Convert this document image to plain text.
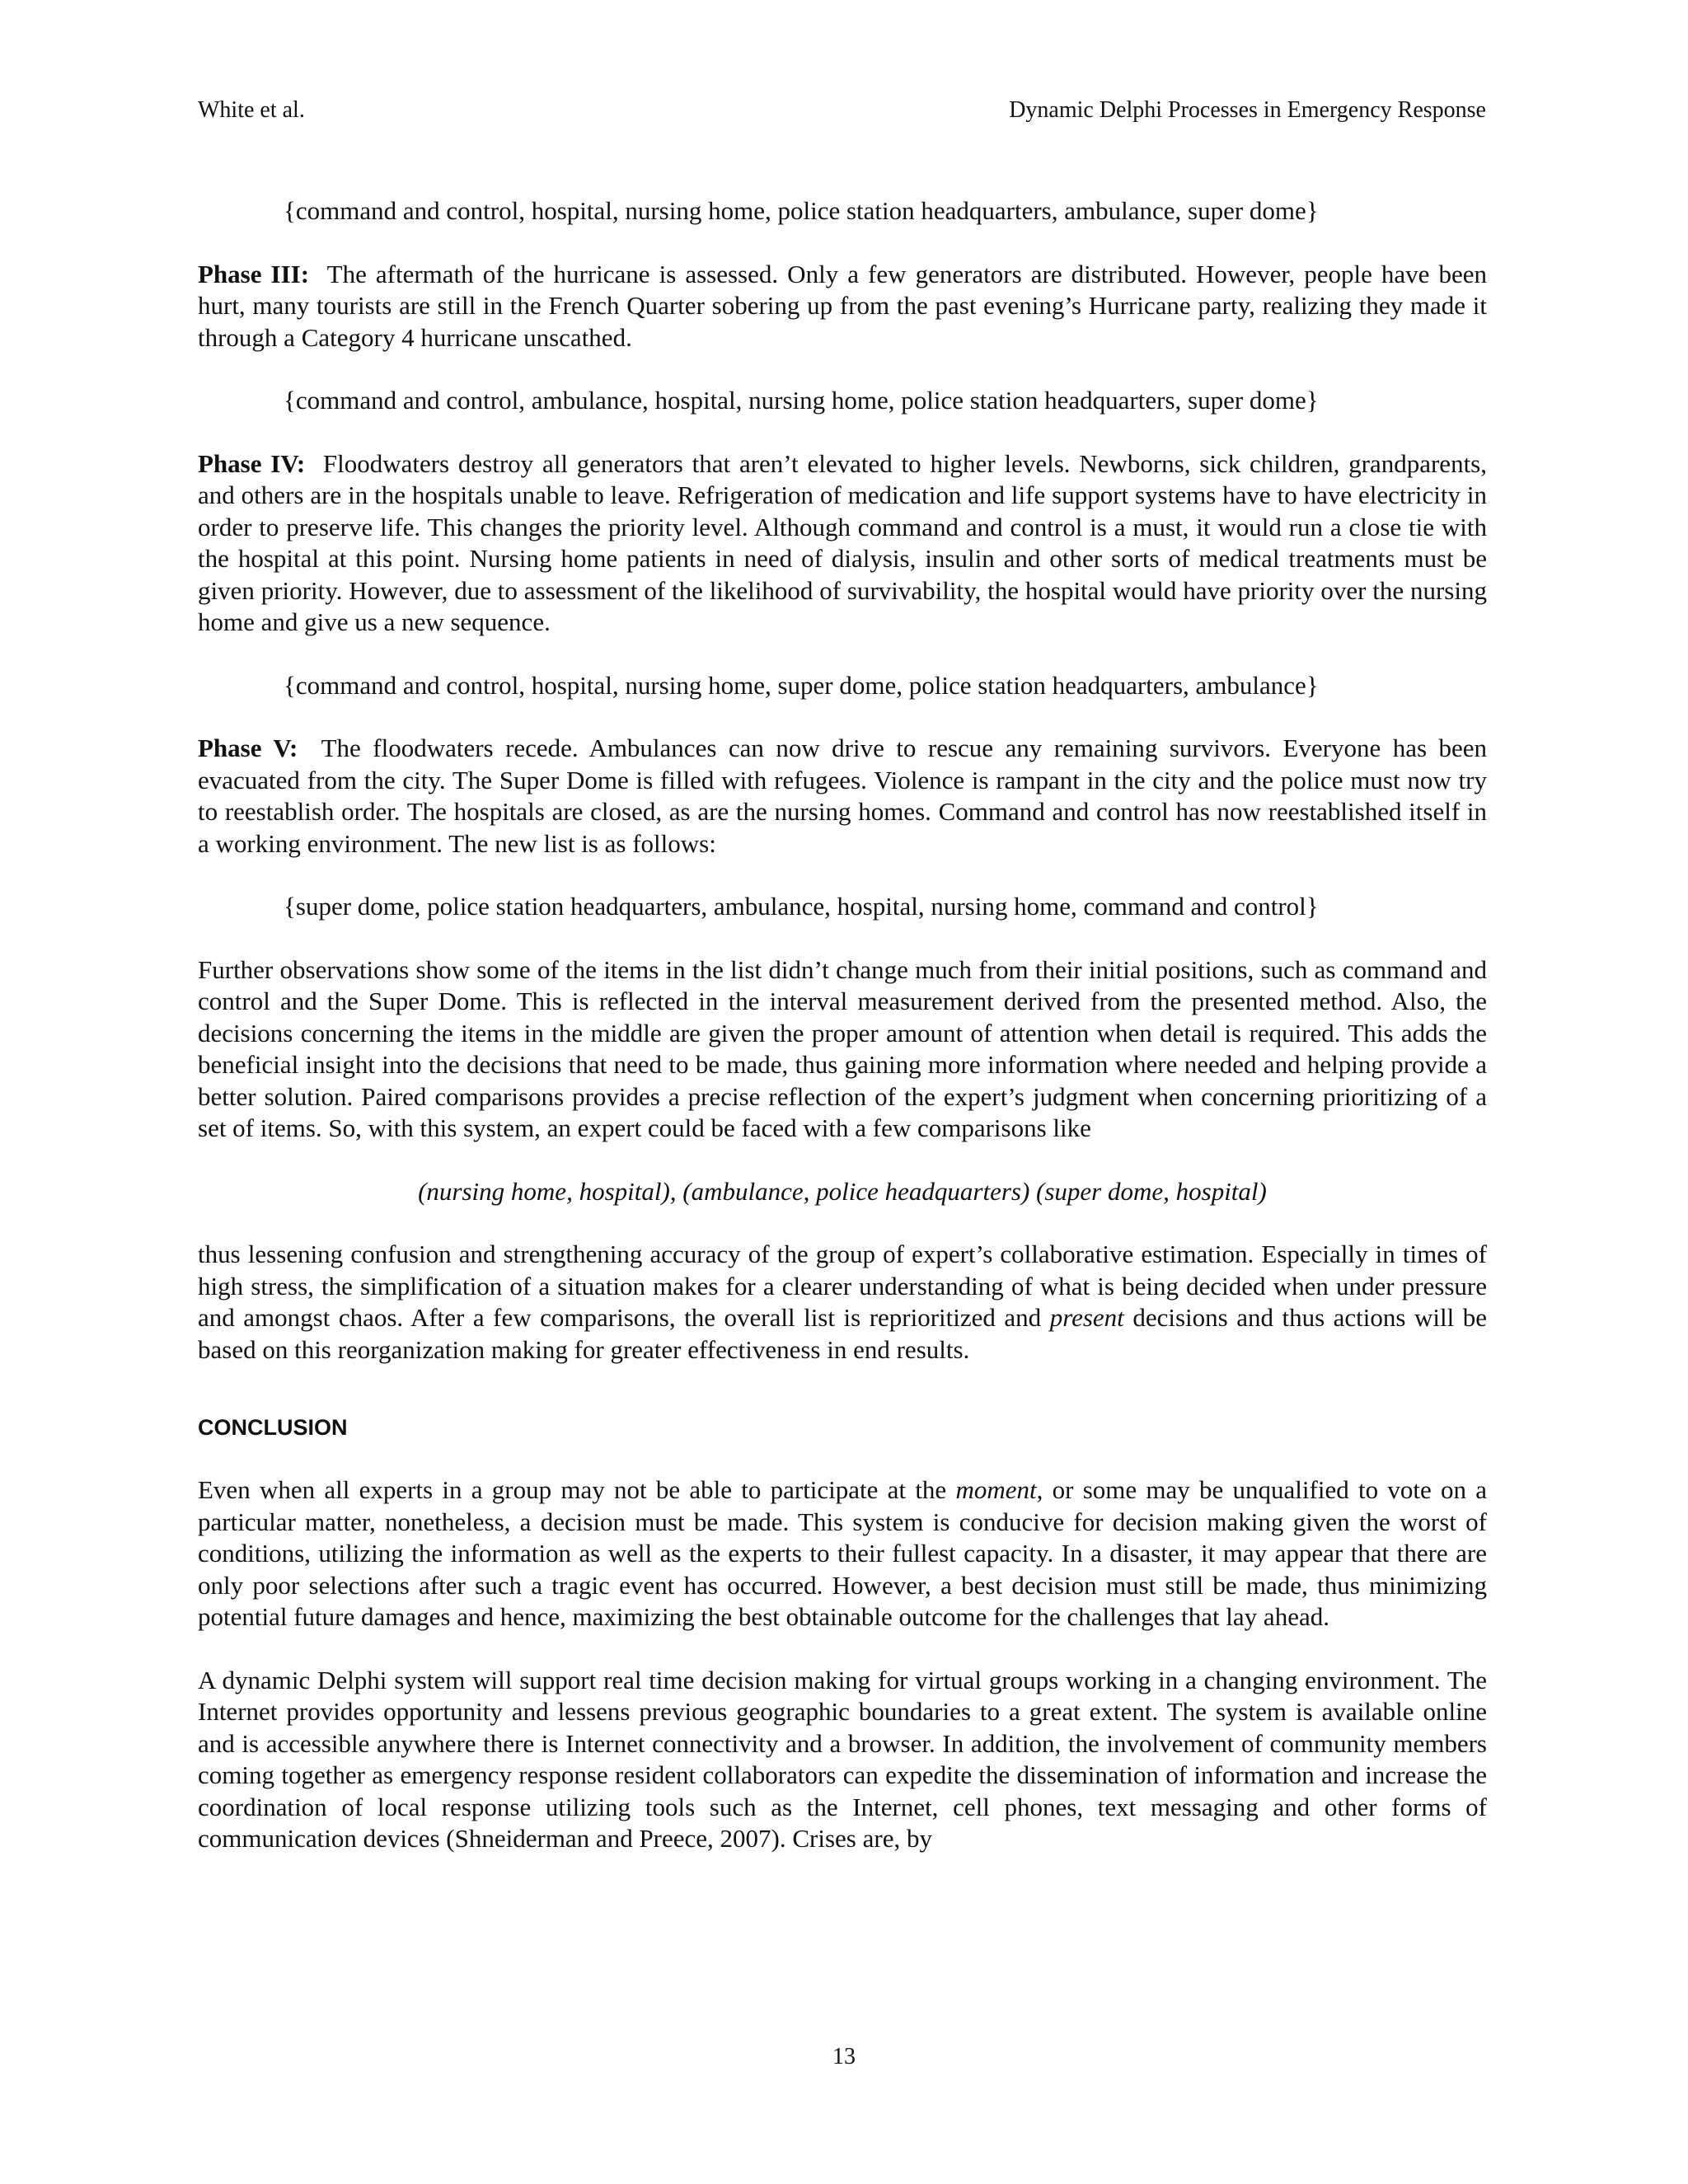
White et al.	Dynamic Delphi Processes in Emergency Response

{command and control, hospital, nursing home, police station headquarters, ambulance, super dome}

Phase III: The aftermath of the hurricane is assessed. Only a few generators are distributed. However, people have been hurt, many tourists are still in the French Quarter sobering up from the past evening’s Hurricane party, realizing they made it through a Category 4 hurricane unscathed.

{command and control, ambulance, hospital, nursing home, police station headquarters, super dome}

Phase IV: Floodwaters destroy all generators that aren’t elevated to higher levels. Newborns, sick children, grandparents, and others are in the hospitals unable to leave. Refrigeration of medication and life support systems have to have electricity in order to preserve life. This changes the priority level. Although command and control is a must, it would run a close tie with the hospital at this point. Nursing home patients in need of dialysis, insulin and other sorts of medical treatments must be given priority. However, due to assessment of the likelihood of survivability, the hospital would have priority over the nursing home and give us a new sequence.

{command and control, hospital, nursing home, super dome, police station headquarters, ambulance}

Phase V: The floodwaters recede. Ambulances can now drive to rescue any remaining survivors. Everyone has been evacuated from the city. The Super Dome is filled with refugees. Violence is rampant in the city and the police must now try to reestablish order. The hospitals are closed, as are the nursing homes. Command and control has now reestablished itself in a working environment. The new list is as follows:

{super dome, police station headquarters, ambulance, hospital, nursing home, command and control}

Further observations show some of the items in the list didn’t change much from their initial positions, such as command and control and the Super Dome. This is reflected in the interval measurement derived from the presented method. Also, the decisions concerning the items in the middle are given the proper amount of attention when detail is required. This adds the beneficial insight into the decisions that need to be made, thus gaining more information where needed and helping provide a better solution. Paired comparisons provides a precise reflection of the expert’s judgment when concerning prioritizing of a set of items. So, with this system, an expert could be faced with a few comparisons like

(nursing home, hospital), (ambulance, police headquarters) (super dome, hospital)

thus lessening confusion and strengthening accuracy of the group of expert’s collaborative estimation. Especially in times of high stress, the simplification of a situation makes for a clearer understanding of what is being decided when under pressure and amongst chaos. After a few comparisons, the overall list is reprioritized and present decisions and thus actions will be based on this reorganization making for greater effectiveness in end results.

CONCLUSION

Even when all experts in a group may not be able to participate at the moment, or some may be unqualified to vote on a particular matter, nonetheless, a decision must be made. This system is conducive for decision making given the worst of conditions, utilizing the information as well as the experts to their fullest capacity. In a disaster, it may appear that there are only poor selections after such a tragic event has occurred. However, a best decision must still be made, thus minimizing potential future damages and hence, maximizing the best obtainable outcome for the challenges that lay ahead.

A dynamic Delphi system will support real time decision making for virtual groups working in a changing environment. The Internet provides opportunity and lessens previous geographic boundaries to a great extent. The system is available online and is accessible anywhere there is Internet connectivity and a browser. In addition, the involvement of community members coming together as emergency response resident collaborators can expedite the dissemination of information and increase the coordination of local response utilizing tools such as the Internet, cell phones, text messaging and other forms of communication devices (Shneiderman and Preece, 2007). Crises are, by

13
